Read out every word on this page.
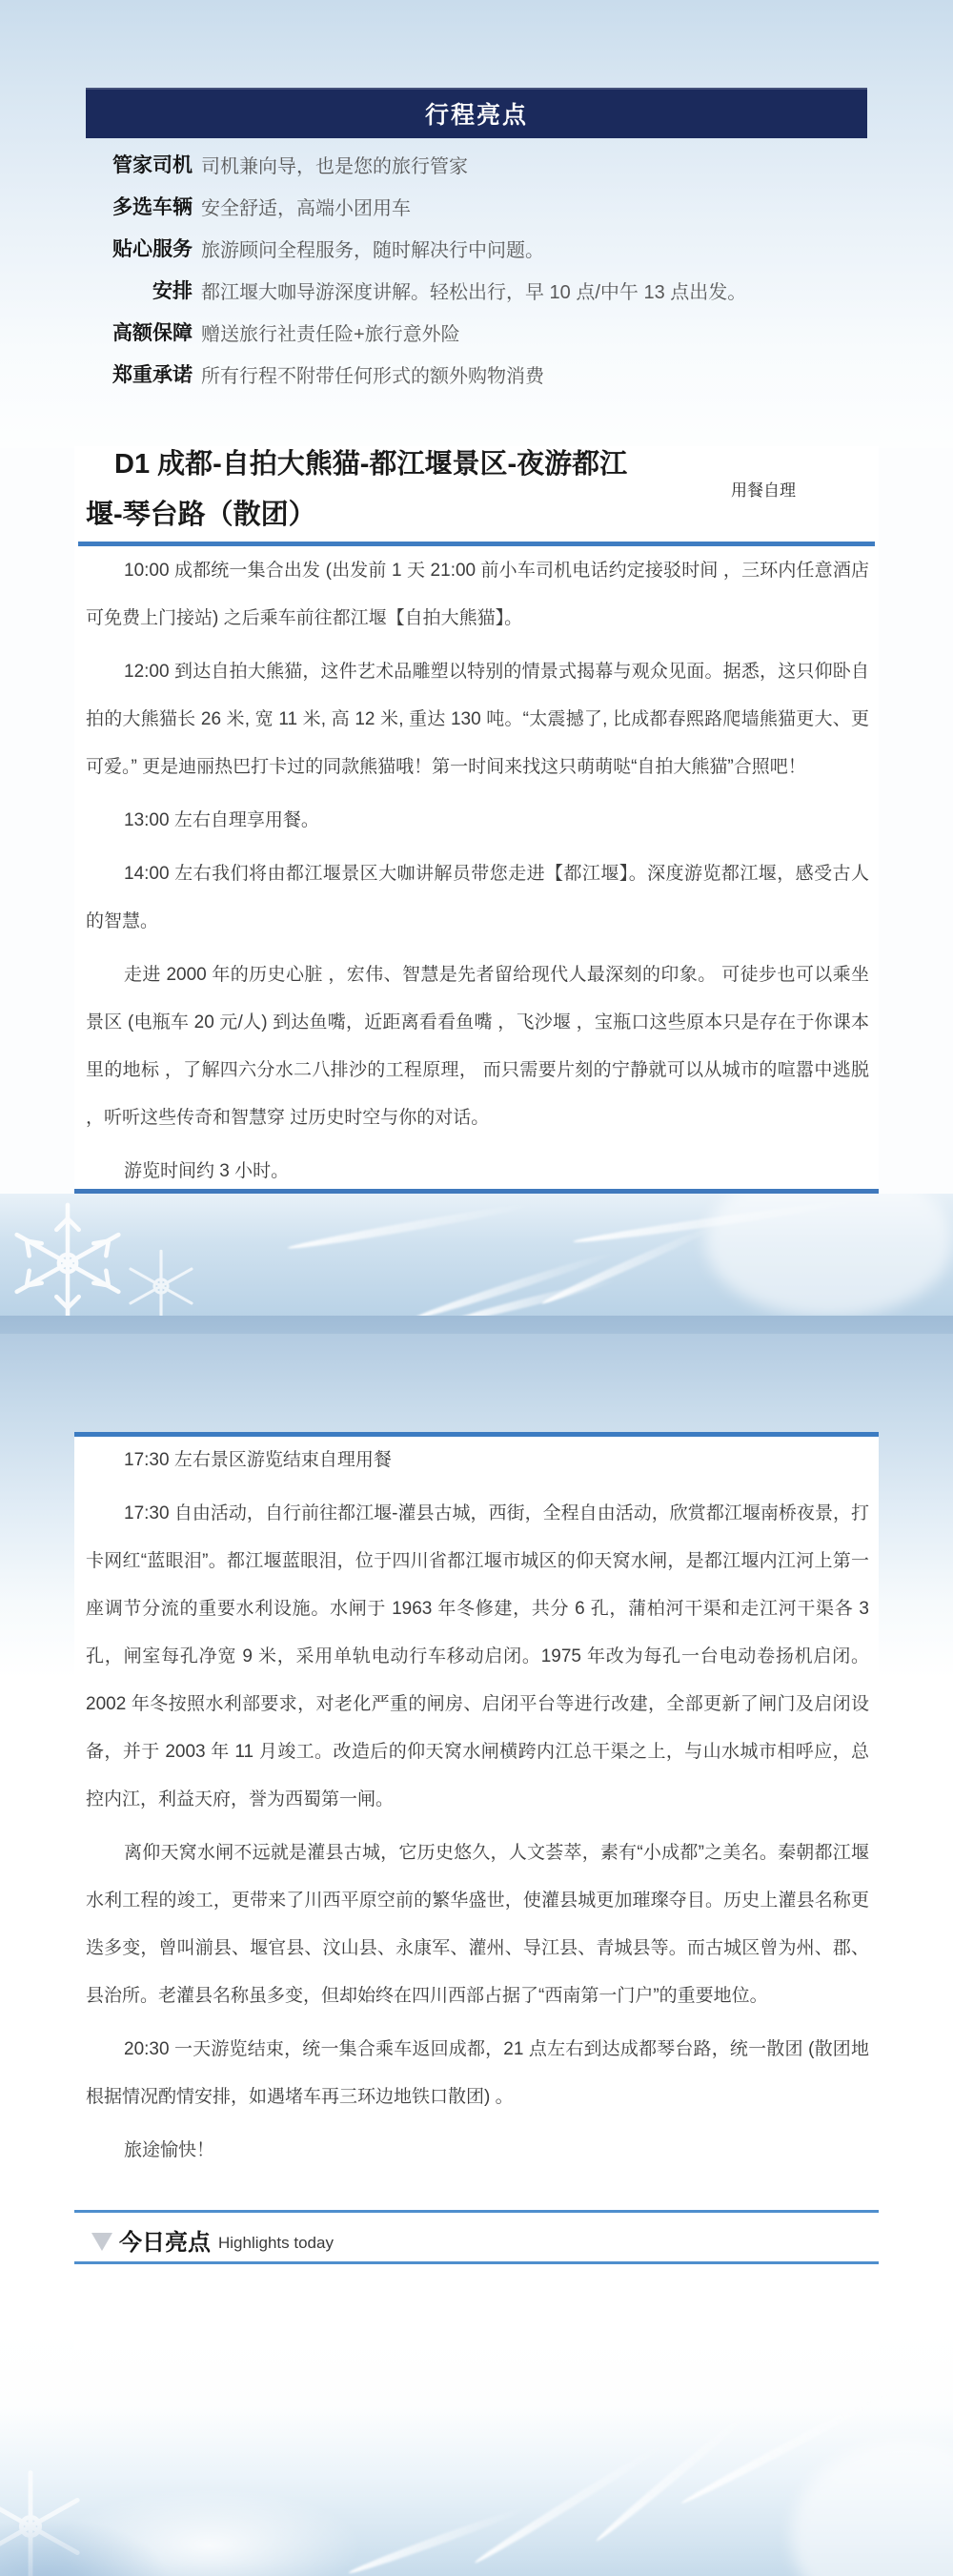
行程亮点
管家司机 司机兼向导，也是您的旅行管家
多选车辆 安全舒适，高端小团用车
贴心服务 旅游顾问全程服务，随时解决行中问题。
安排 都江堰大咖导游深度讲解。轻松出行，早 10 点/中午 13 点出发。
高额保障 赠送旅行社责任险+旅行意外险
郑重承诺 所有行程不附带任何形式的额外购物消费
D1 成都-自拍大熊猫-都江堰景区-夜游都江
堰-琴台路（散团）
用餐自理

10:00 成都统一集合出发 (出发前 1 天 21:00 前小车司机电话约定接驳时间 ，三环内任意酒店可免费上门接站) 之后乘车前往都江堰【自拍大熊猫】。

12:00 到达自拍大熊猫，这件艺术品雕塑以特别的情景式揭幕与观众见面。据悉，这只仰卧自拍的大熊猫长 26 米, 宽 11 米, 高 12 米, 重达 130 吨。“太震撼了, 比成都春熙路爬墙熊猫更大、更可爱。” 更是迪丽热巴打卡过的同款熊猫哦！第一时间来找这只萌萌哒“自拍大熊猫”合照吧！

13:00 左右自理享用餐。

14:00 左右我们将由都江堰景区大咖讲解员带您走进【都江堰】。深度游览都江堰，感受古人的智慧。

走进 2000 年的历史心脏 ，宏伟、智慧是先者留给现代人最深刻的印象。 可徒步也可以乘坐景区 (电瓶车 20 元/人) 到达鱼嘴，近距离看看鱼嘴 ，飞沙堰 ，宝瓶口这些原本只是存在于你课本里的地标 ，了解四六分水二八排沙的工程原理， 而只需要片刻的宁静就可以从城市的喧嚣中逃脱 ，听听这些传奇和智慧穿 过历史时空与你的对话。

游览时间约 3 小时。

17:30 左右景区游览结束自理用餐

17:30 自由活动，自行前往都江堰-灌县古城，西街，全程自由活动，欣赏都江堰南桥夜景，打卡网红“蓝眼泪”。都江堰蓝眼泪，位于四川省都江堰市城区的仰天窝水闸，是都江堰内江河上第一座调节分流的重要水利设施。水闸于 1963 年冬修建，共分 6 孔，蒲柏河干渠和走江河干渠各 3 孔，闸室每孔净宽 9 米，采用单轨电动行车移动启闭。1975 年改为每孔一台电动卷扬机启闭。2002 年冬按照水利部要求，对老化严重的闸房、启闭平台等进行改建，全部更新了闸门及启闭设备，并于 2003 年 11 月竣工。改造后的仰天窝水闸横跨内江总干渠之上，与山水城市相呼应，总控内江，利益天府，誉为西蜀第一闸。

离仰天窝水闸不远就是灌县古城，它历史悠久，人文荟萃，素有“小成都”之美名。秦朝都江堰水利工程的竣工，更带来了川西平原空前的繁华盛世，使灌县城更加璀璨夺目。历史上灌县名称更迭多变，曾叫湔县、堰官县、汶山县、永康军、灌州、导江县、青城县等。而古城区曾为州、郡、县治所。老灌县名称虽多变，但却始终在四川西部占据了“西南第一门户”的重要地位。

20:30 一天游览结束，统一集合乘车返回成都，21 点左右到达成都琴台路，统一散团 (散团地根据情况酌情安排，如遇堵车再三环边地铁口散团) 。

旅途愉快！

今日亮点 Highlights today
